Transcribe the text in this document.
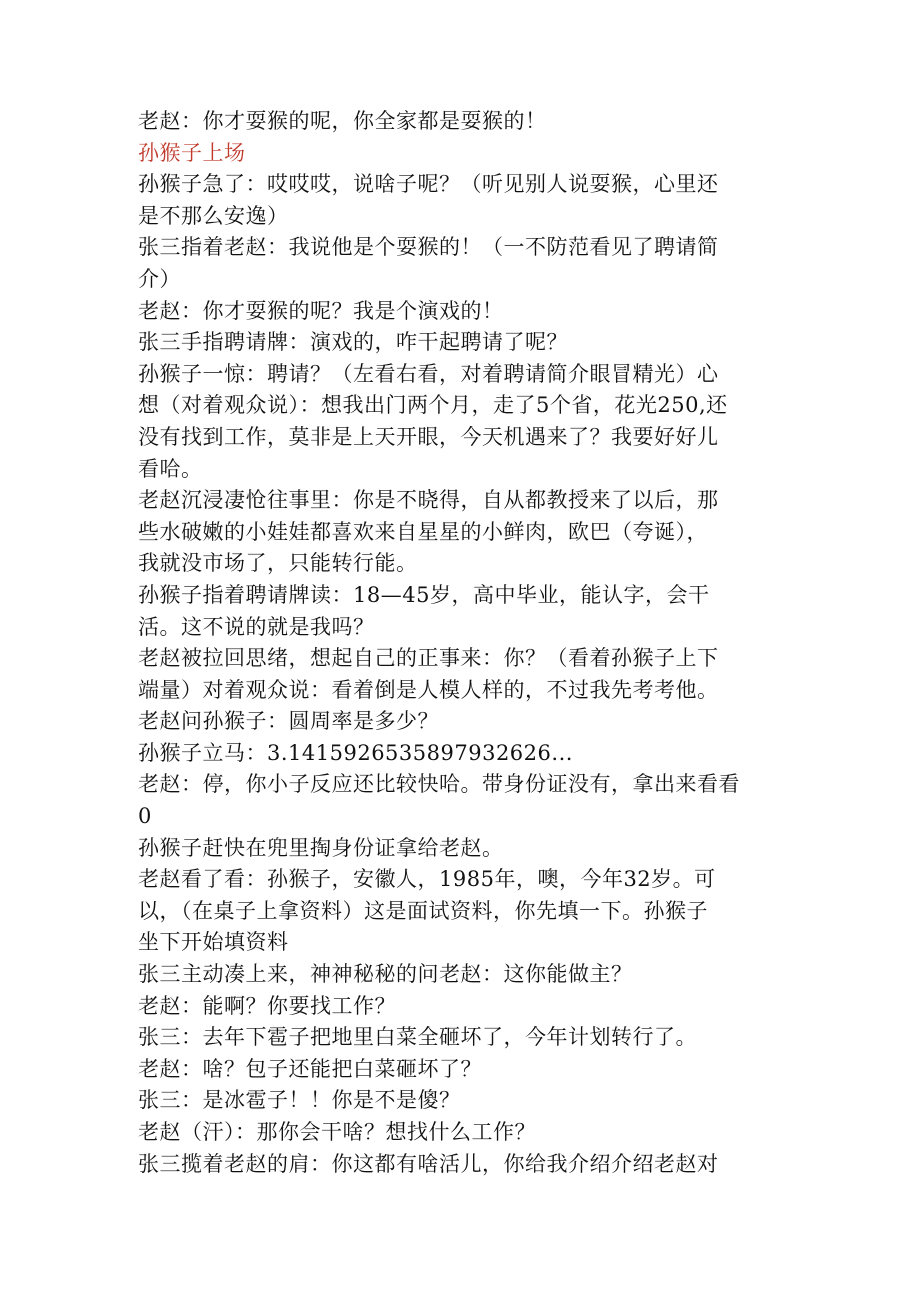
老赵：你才耍猴的呢，你全家都是耍猴的！
孙猴子上场
孙猴子急了：哎哎哎，说啥子呢？（听见别人说耍猴，心里还
是不那么安逸）
张三指着老赵：我说他是个耍猴的！（一不防范看见了聘请简
介）
老赵：你才耍猴的呢？我是个演戏的！
张三手指聘请牌：演戏的，咋干起聘请了呢？
孙猴子一惊：聘请？（左看右看，对着聘请简介眼冒精光）心
想（对着观众说）：想我出门两个月，走了5个省，花光250,还
没有找到工作，莫非是上天开眼，今天机遇来了？我要好好儿
看哈。
老赵沉浸凄怆往事里：你是不晓得，自从都教授来了以后，那
些水破嫩的小娃娃都喜欢来自星星的小鲜肉，欧巴（夸诞），
我就没市场了，只能转行能。
孙猴子指着聘请牌读：18—45岁，高中毕业，能认字，会干
活。这不说的就是我吗？
老赵被拉回思绪，想起自己的正事来：你？（看着孙猴子上下
端量）对着观众说：看着倒是人模人样的，不过我先考考他。
老赵问孙猴子：圆周率是多少？
孙猴子立马：3.1415926535897932626...
老赵：停，你小子反应还比较快哈。带身份证没有，拿出来看看
0
孙猴子赶快在兜里掏身份证拿给老赵。
老赵看了看：孙猴子，安徽人，1985年，噢，今年32岁。可
以，（在桌子上拿资料）这是面试资料，你先填一下。孙猴子
坐下开始填资料
张三主动凑上来，神神秘秘的问老赵：这你能做主？
老赵：能啊？你要找工作？
张三：去年下雹子把地里白菜全砸坏了，今年计划转行了。
老赵：啥？包子还能把白菜砸坏了？
张三：是冰雹子！！你是不是傻？
老赵（汗）：那你会干啥？想找什么工作？
张三揽着老赵的肩：你这都有啥活儿，你给我介绍介绍老赵对
